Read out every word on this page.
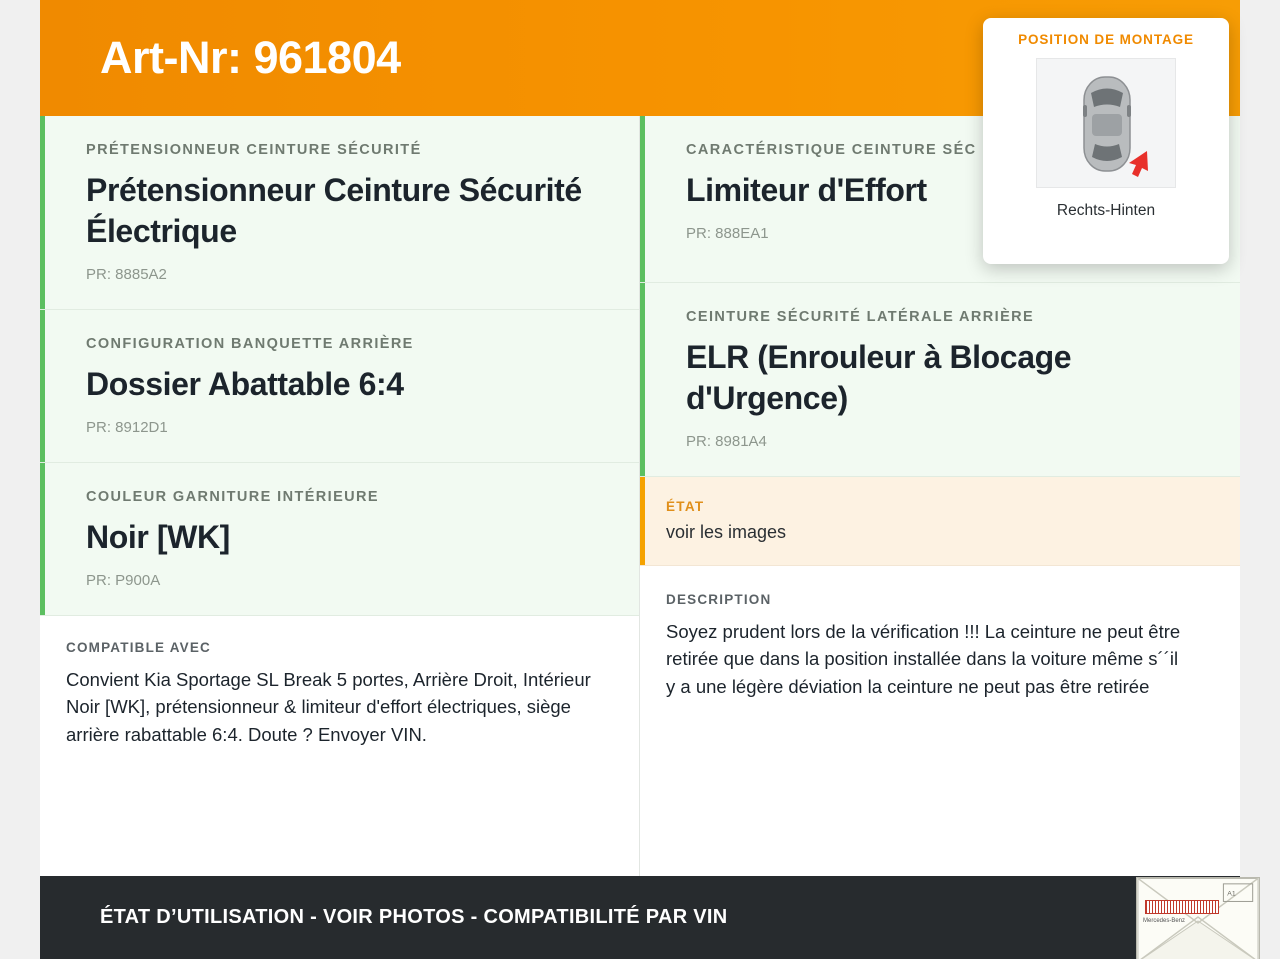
Art-Nr: 961804
PRÉTENSIONNEUR CEINTURE SÉCURITÉ
Prétensionneur Ceinture Sécurité Électrique
PR: 8885A2
CONFIGURATION BANQUETTE ARRIÈRE
Dossier Abattable 6:4
PR: 8912D1
COULEUR GARNITURE INTÉRIEURE
Noir [WK]
PR: P900A
COMPATIBLE AVEC
Convient Kia Sportage SL Break 5 portes, Arrière Droit, Intérieur Noir [WK], prétensionneur & limiteur d'effort électriques, siège arrière rabattable 6:4. Doute ? Envoyer VIN.
CARACTÉRISTIQUE CEINTURE SÉC
Limiteur d'Effort
PR: 888EA1
CEINTURE SÉCURITÉ LATÉRALE ARRIÈRE
ELR (Enrouleur à Blocage d'Urgence)
PR: 8981A4
ÉTAT
voir les images
DESCRIPTION
Soyez prudent lors de la vérification !!! La ceinture ne peut être retirée que dans la position installée dans la voiture même s´´il y a une légère déviation la ceinture ne peut pas être retirée
ÉTAT D’UTILISATION - VOIR PHOTOS - COMPATIBILITÉ PAR VIN
POSITION DE MONTAGE
Rechts-Hinten
A1
Mercedes-Benz
